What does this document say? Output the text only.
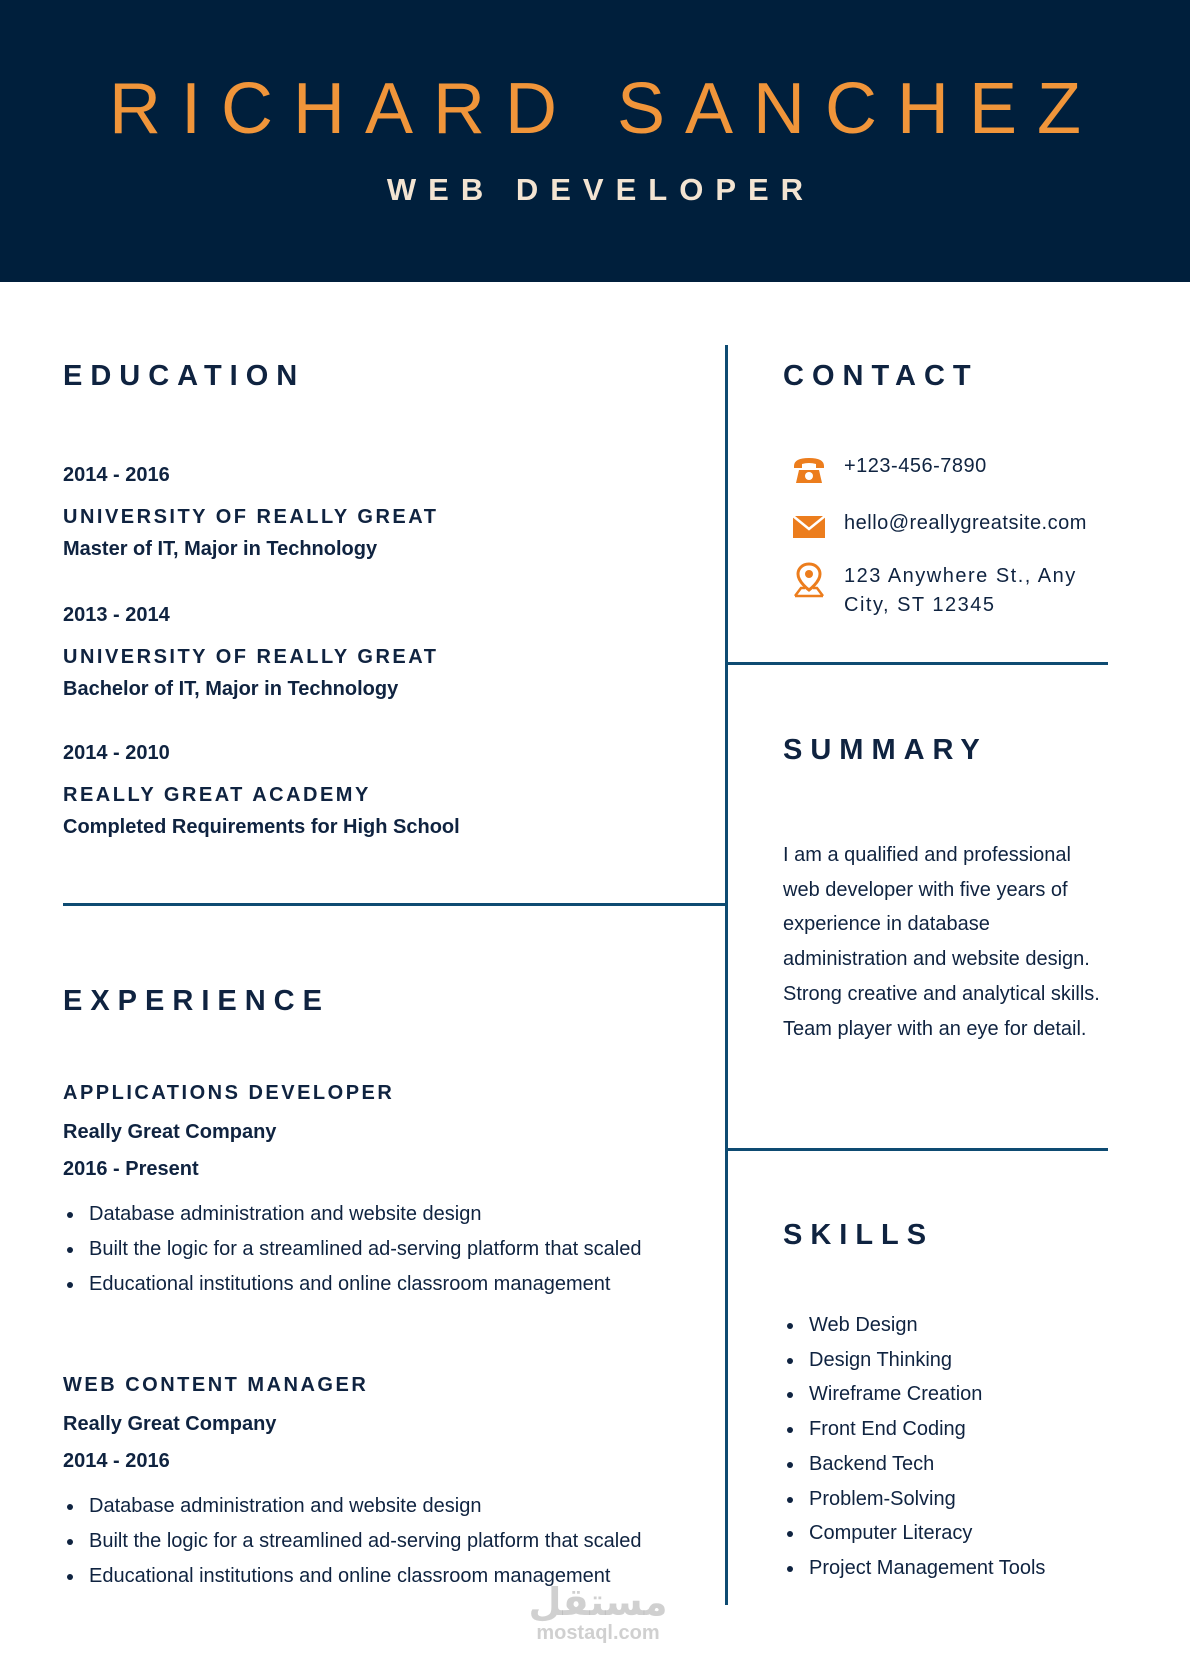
RICHARD SANCHEZ
WEB DEVELOPER
EDUCATION
2014 - 2016
UNIVERSITY OF REALLY GREAT
Master of IT, Major in Technology
2013 - 2014
UNIVERSITY OF REALLY GREAT
Bachelor of IT, Major in Technology
2014 - 2010
REALLY GREAT ACADEMY
Completed Requirements for High School
EXPERIENCE
APPLICATIONS DEVELOPER
Really Great Company
2016 - Present
Database administration and website design
Built the logic for a streamlined ad-serving platform that scaled
Educational institutions and online classroom management
WEB CONTENT MANAGER
Really Great Company
2014 - 2016
Database administration and website design
Built the logic for a streamlined ad-serving platform that scaled
Educational institutions and online classroom management
CONTACT
+123-456-7890
hello@reallygreatsite.com
123 Anywhere St., Any City, ST 12345
SUMMARY
I am a qualified and professional web developer with five years of experience in database administration and website design. Strong creative and analytical skills. Team player with an eye for detail.
SKILLS
Web Design
Design Thinking
Wireframe Creation
Front End Coding
Backend Tech
Problem-Solving
Computer Literacy
Project Management Tools
مستقل
mostaql.com
